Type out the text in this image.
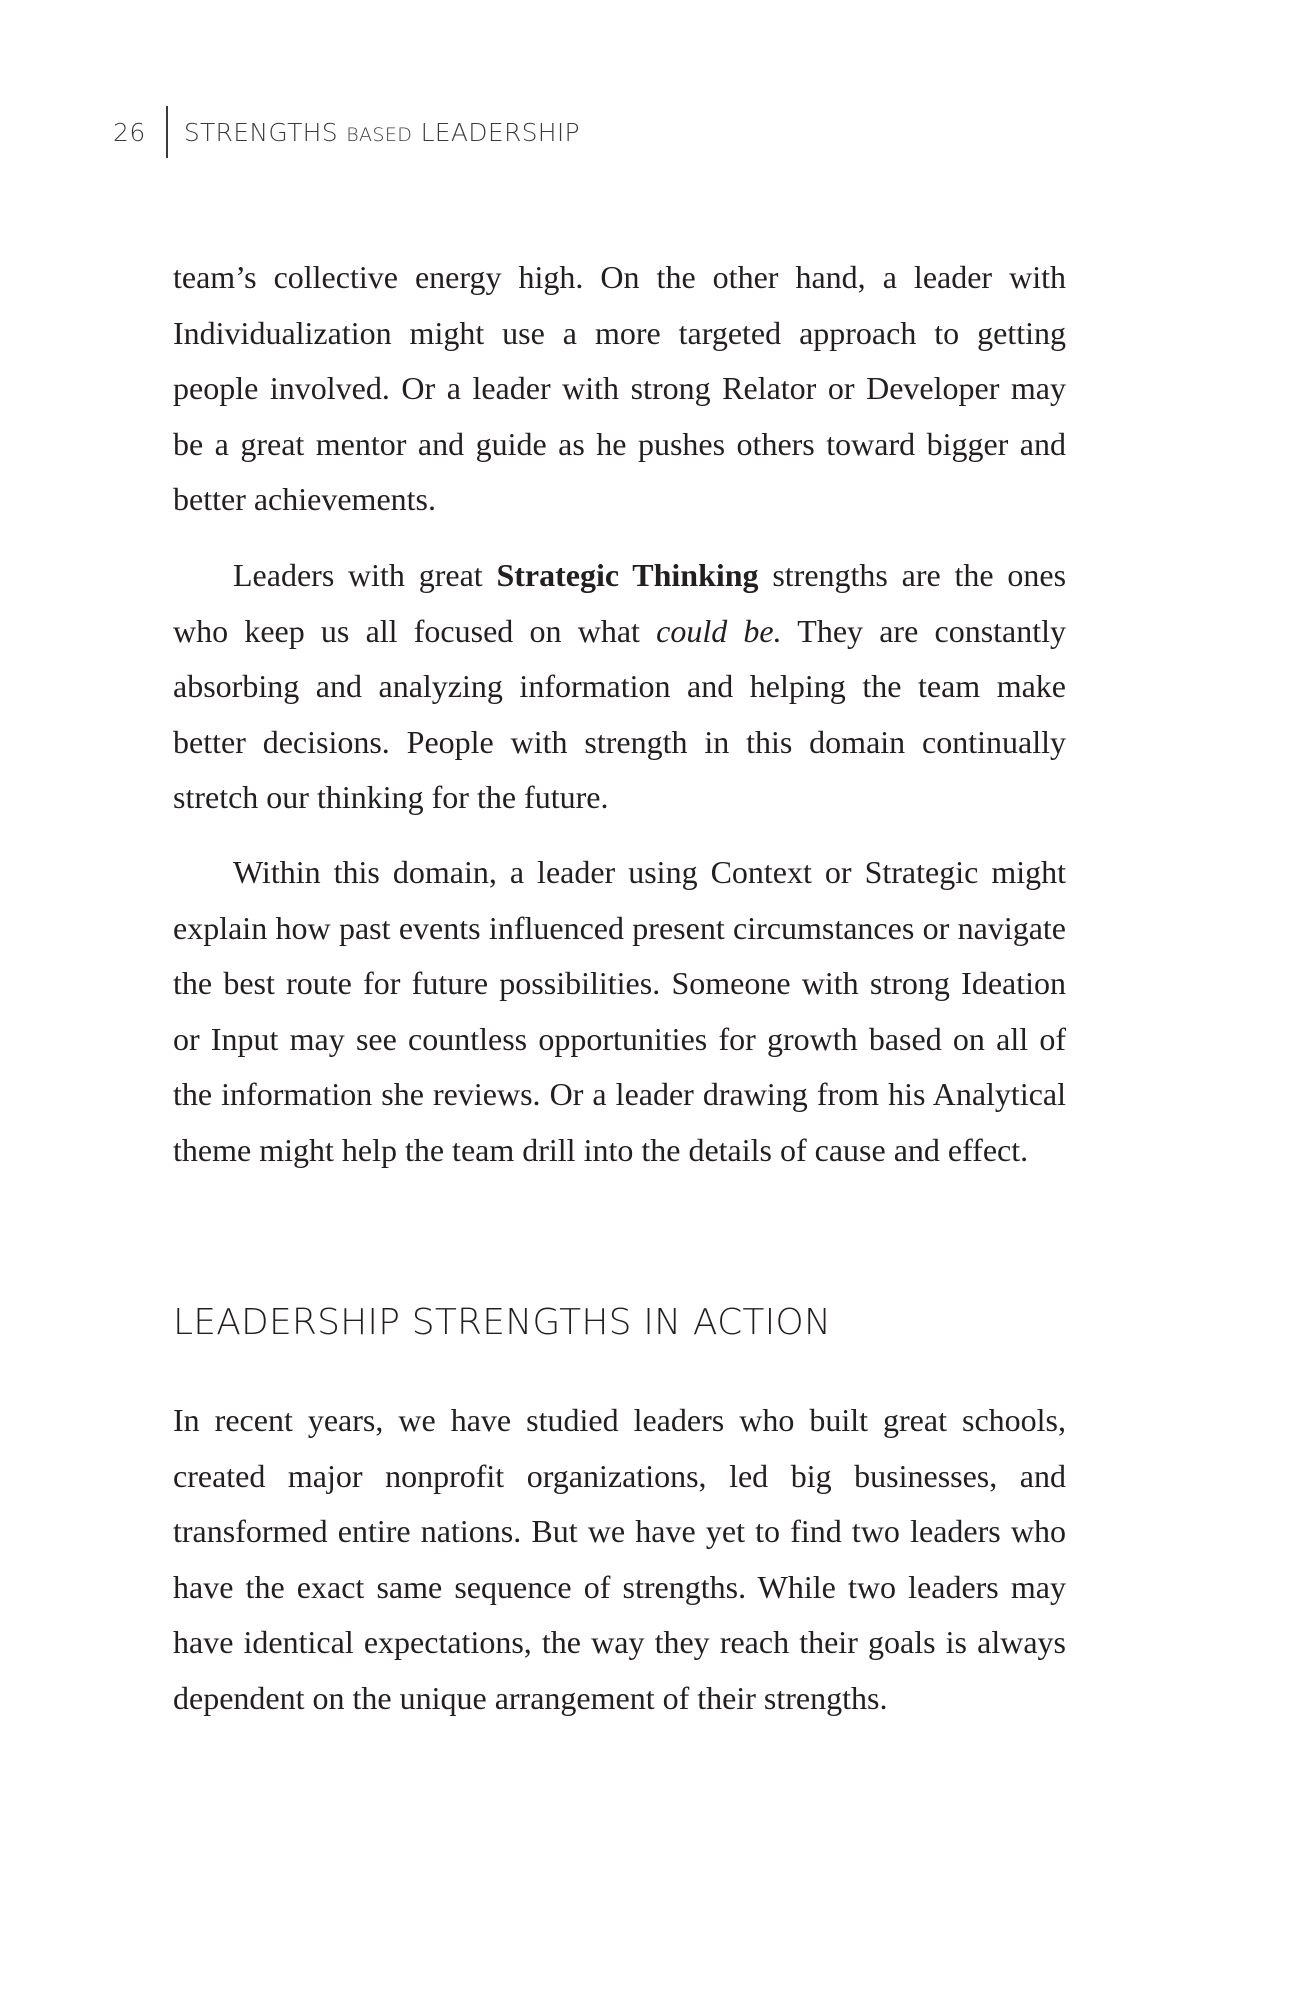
26	STRENGTHS BASED LEADERSHIP

team’s collective energy high. On the other hand, a leader with Individualization might use a more targeted approach to getting people involved. Or a leader with strong Relator or Developer may be a great mentor and guide as he pushes others toward bigger and better achievements.

Leaders with great Strategic Thinking strengths are the ones who keep us all focused on what could be. They are constantly absorbing and analyzing information and helping the team make better decisions. People with strength in this domain continually stretch our thinking for the future.

Within this domain, a leader using Context or Strategic might explain how past events influenced present circumstances or navigate the best route for future possibilities. Someone with strong Ideation or Input may see countless opportunities for growth based on all of the information she reviews. Or a leader drawing from his Analytical theme might help the team drill into the details of cause and effect.

LEADERSHIP STRENGTHS IN ACTION

In recent years, we have studied leaders who built great schools, created major nonprofit organizations, led big businesses, and transformed entire nations. But we have yet to find two leaders who have the exact same sequence of strengths. While two leaders may have identical expectations, the way they reach their goals is always dependent on the unique arrangement of their strengths.
